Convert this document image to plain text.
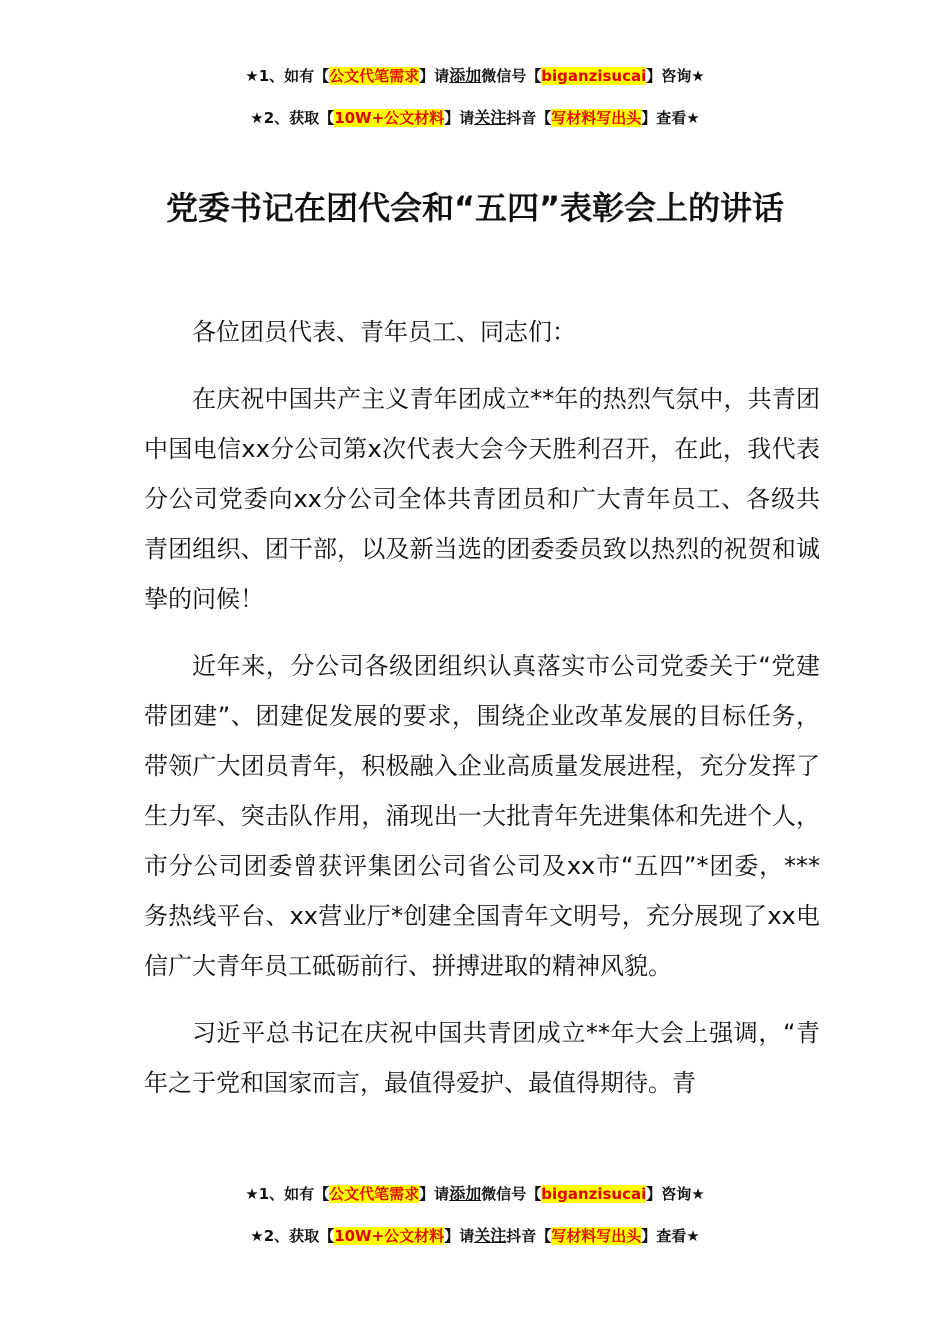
★1、如有【公文代笔需求】请添加微信号【biganzisucai】咨询★
★2、获取【10W+公文材料】请关注抖音【写材料写出头】查看★
党委书记在团代会和“五四”表彰会上的讲话

各位团员代表、青年员工、同志们：

在庆祝中国共产主义青年团成立**年的热烈气氛中，共青团中国电信xx分公司第x次代表大会今天胜利召开，在此，我代表分公司党委向xx分公司全体共青团员和广大青年员工、各级共青团组织、团干部，以及新当选的团委委员致以热烈的祝贺和诚挚的问候！

近年来，分公司各级团组织认真落实市公司党委关于“党建带团建”、团建促发展的要求，围绕企业改革发展的目标任务，带领广大团员青年，积极融入企业高质量发展进程，充分发挥了生力军、突击队作用，涌现出一大批青年先进集体和先进个人，市分公司团委曾获评集团公司省公司及xx市“五四”*团委，***务热线平台、xx营业厅*创建全国青年文明号，充分展现了xx电信广大青年员工砥砺前行、拼搏进取的精神风貌。

习近平总书记在庆祝中国共青团成立**年大会上强调，“青年之于党和国家而言，最值得爱护、最值得期待。青

★1、如有【公文代笔需求】请添加微信号【biganzisucai】咨询★
★2、获取【10W+公文材料】请关注抖音【写材料写出头】查看★
